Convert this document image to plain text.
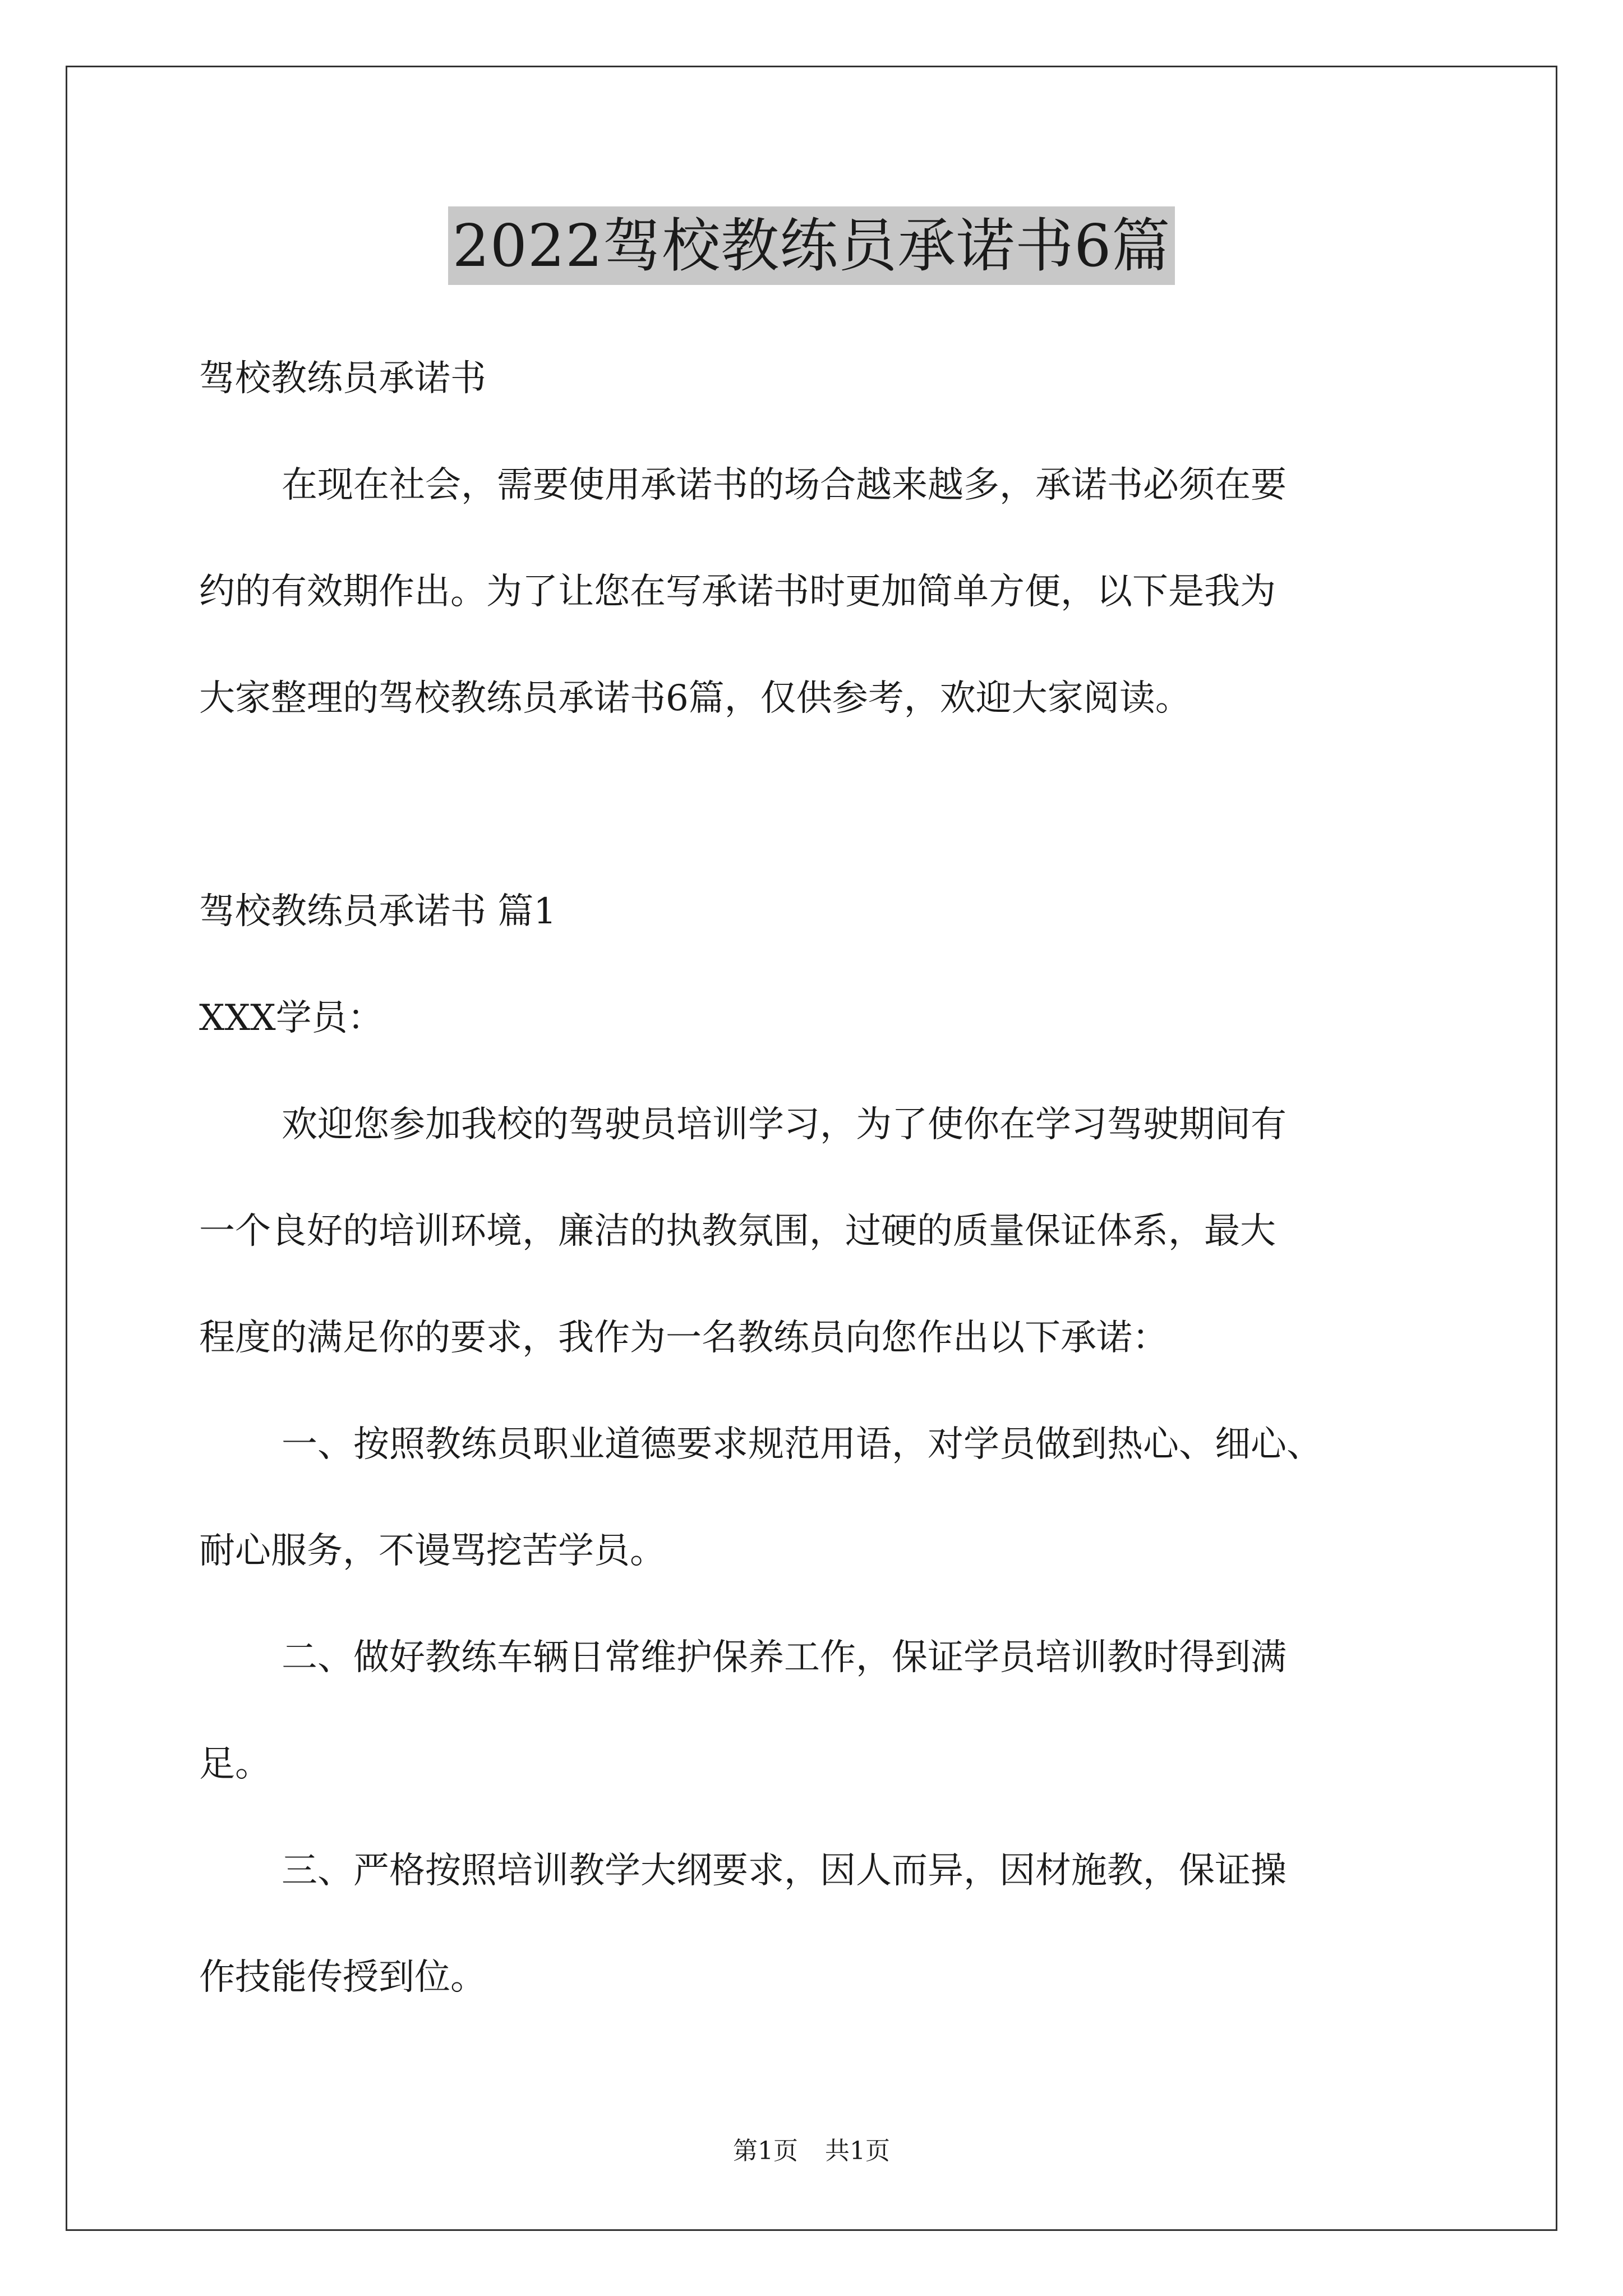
2022驾校教练员承诺书6篇
驾校教练员承诺书
在现在社会，需要使用承诺书的场合越来越多，承诺书必须在要
约的有效期作出。为了让您在写承诺书时更加简单方便，以下是我为
大家整理的驾校教练员承诺书6篇，仅供参考，欢迎大家阅读。
驾校教练员承诺书 篇1
XXX学员：
欢迎您参加我校的驾驶员培训学习，为了使你在学习驾驶期间有
一个良好的培训环境，廉洁的执教氛围，过硬的质量保证体系，最大
程度的满足你的要求，我作为一名教练员向您作出以下承诺：
一、按照教练员职业道德要求规范用语，对学员做到热心、细心、
耐心服务，不谩骂挖苦学员。
二、做好教练车辆日常维护保养工作，保证学员培训教时得到满
足。
三、严格按照培训教学大纲要求，因人而异，因材施教，保证操
作技能传授到位。
第1页 共1页
